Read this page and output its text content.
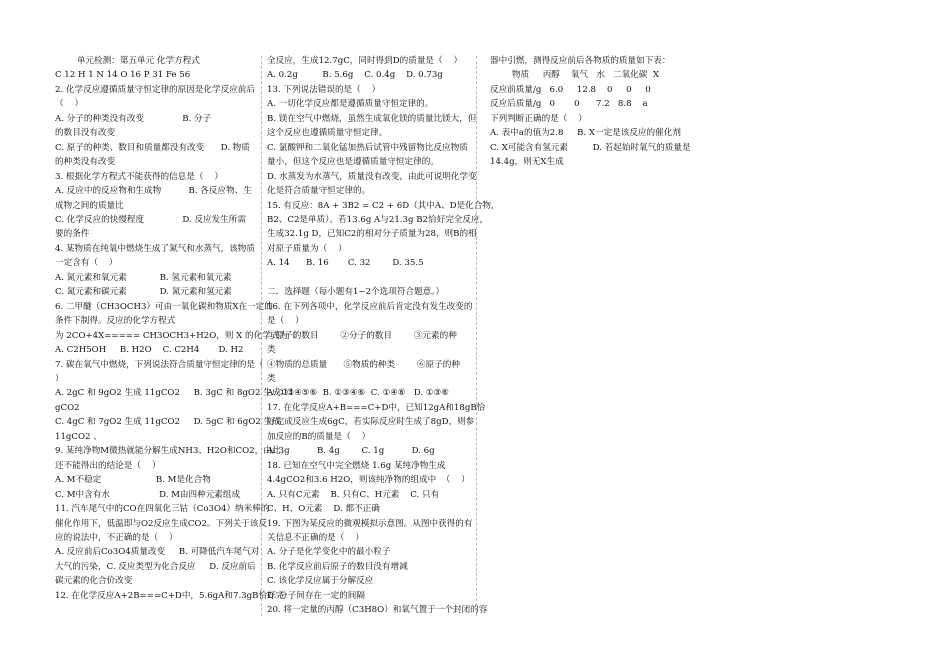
单元检测：第五单元 化学方程式
C 12 H 1 N 14 O 16 P 31 Fe 56
2. 化学反应遵循质量守恒定律的原因是化学反应前后
（    ）
A. 分子的种类没有改变              B. 分子
的数目没有改变
C. 原子的种类、数目和质量都没有改变      D. 物质
的种类没有改变
3. 根据化学方程式不能获得的信息是（    ）
A. 反应中的反应物和生成物          B. 各反应物、生
成物之间的质量比
C. 化学反应的快慢程度              D. 反应发生所需
要的条件
4. 某物质在纯氧中燃烧生成了氮气和水蒸气，该物质
一定含有（    ）
A. 氮元素和氧元素            B. 氢元素和氧元素
C. 氮元素和碳元素            D. 氮元素和氢元素
6. 二甲醚（CH3OCH3）可由一氧化碳和物质X在一定的
条件下制得。反应的化学方程式
为 2CO+4X===== CH3OCH3+H2O，则 X 的化学式为（
A. C2H5OH     B. H2O    C. C2H4       D. H2
7. 碳在氧气中燃烧，下列说法符合质量守恒定律的是（
）
A. 2gC 和 9gO2 生成 11gCO2     B. 3gC 和 8gO2 生成 11
gCO2
C. 4gC 和 7gO2 生成 11gCO2     D. 5gC 和 6gO2 生成
11gCO2 、
9. 某纯净物M微热就能分解生成NH3、H2O和CO2，由此
还不能得出的结论是（    ）
A. M不稳定                    B. M是化合物
C. M中含有水                  D. M由四种元素组成
11. 汽车尾气中的CO在四氧化三钴（Co3O4）纳米棒的
催化作用下，低温即与O2反应生成CO2。下列关于该反
应的说法中，不正确的是（    ）
A. 反应前后Co3O4质量改变     B. 可降低汽车尾气对
大气的污染，C. 反应类型为化合反应     D. 反应前后
碳元素的化合价改变
12. 在化学反应A+2B===C+D中，5.6gA和7.3gB恰好完
全反应，生成12.7gC，同时得到D的质量是（    ）
A. 0.2g         B. 5.6g    C. 0.4g    D. 0.73g
13. 下列说法错误的是（    ）
A. 一切化学反应都是遵循质量守恒定律的。
B. 镁在空气中燃烧，虽然生成氧化镁的质量比镁大，但
这个反应也遵循质量守恒定律。
C. 氯酸钾和二氧化锰加热后试管中残留物比反应物质
量小，但这个反应也是遵循质量守恒定律的。
D. 水蒸发为水蒸气，质量没有改变，由此可说明化学变
化是符合质量守恒定律的。
15. 有反应：8A + 3B2 = C2 + 6D（其中A、D是化合物，
B2、C2是单质）。若13.6g A与21.3g B2恰好完全反应，
生成32.1g D，已知C2的相对分子质量为28，则B的相
对原子质量为（    ）
A. 14      B. 16       C. 32        D. 35.5

二．选择题（每小题有1~2个选项符合题意。）
16. 在下列各项中，化学反应前后肯定没有发生改变的
是（    ）
①原子的数目        ②分子的数目        ③元素的种
类
④物质的总质量      ⑤物质的种类        ⑥原子的种
类
A. ①③④⑤⑥  B. ①③④⑥  C. ①④⑥   D. ①③⑥
17. 在化学反应A+B===C+D中，已知12gA和18gB恰
好完成反应生成6gC，若实际反应时生成了8gD，则参
加反应的B的质量是（    ）
A. 3g          B. 4g        C. 1g          D. 6g
18. 已知在空气中完全燃烧 1.6g 某纯净物生成
4.4gCO2和3.6 H2O，则该纯净物的组成中  （    ）
A. 只有C元素    B. 只有C、H元素    C. 只有
C、H、O元素    D. 都不正确
19. 下图为某反应的微观模拟示意图。从图中获得的有
关信息不正确的是（    ）
A. 分子是化学变化中的最小粒子
B. 化学反应前后原子的数目没有增减
C. 该化学反应属于分解反应
D. 分子间存在一定的间隔
20. 将一定量的丙醇（C3H8O）和氧气置于一个封闭的容
器中引燃，测得反应前后各物质的质量如下表：
物质     丙醇    氧气   水   二氧化碳  X
反应前质量/g   6.0     12.8    0     0     0
反应后质量/g   0       0      7.2   8.8    a
下列判断正确的是（    ）
A. 表中a的值为2.8     B. X一定是该反应的催化剂
C. X可能含有氢元素         D. 若起始时氧气的质量是
14.4g，则无X生成
